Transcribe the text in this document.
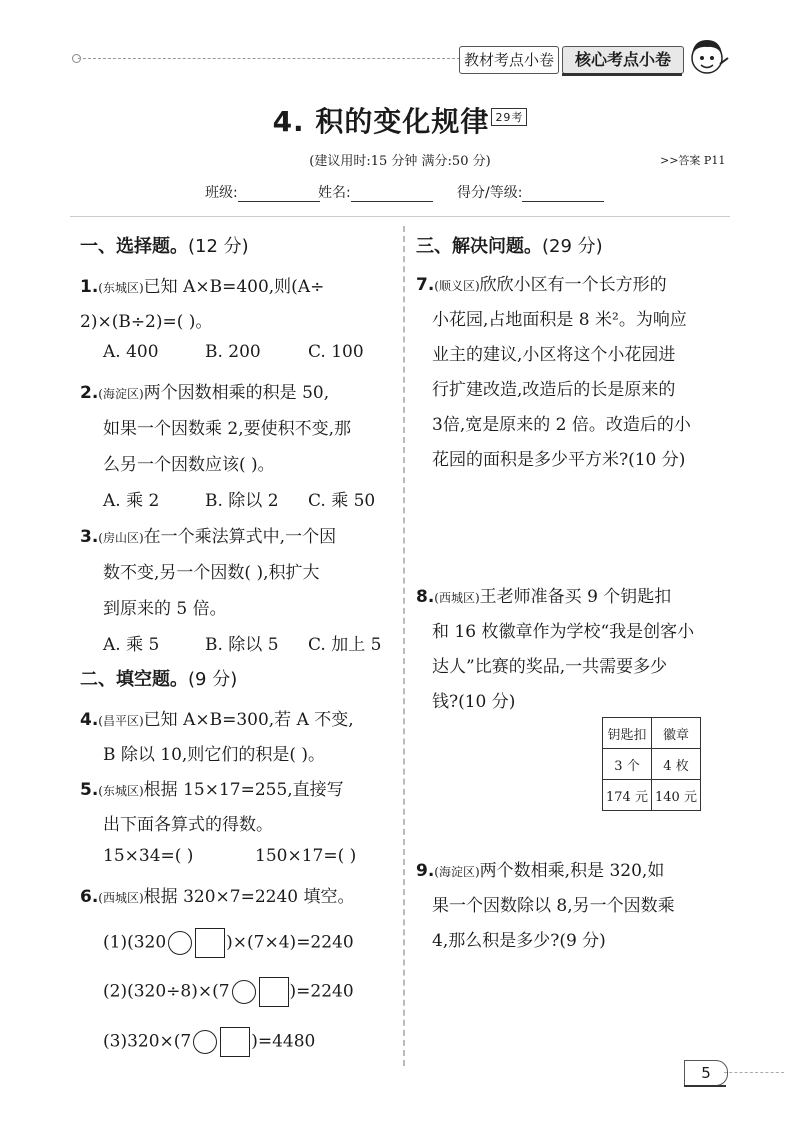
教材考点小卷	核心考点小卷
4. 积的变化规律 29考
(建议用时:15 分钟 满分:50 分)	>>答案 P11
班级:	姓名:	得分/等级:
一、选择题。(12 分)
1.(东城区)已知 A×B=400,则(A÷
2)×(B÷2)=( )。
A. 400	B. 200	C. 100
2.(海淀区)两个因数相乘的积是 50,
如果一个因数乘 2,要使积不变,那
么另一个因数应该( )。
A. 乘 2	B. 除以 2 C. 乘 50
3.(房山区)在一个乘法算式中,一个因
数不变,另一个因数( ),积扩大
到原来的 5 倍。
A. 乘 5	B. 除以 5 C. 加上 5
二、填空题。(9 分)
4.(昌平区)已知 A×B=300,若 A 不变,
B 除以 10,则它们的积是( )。
5.(东城区)根据 15×17=255,直接写
出下面各算式的得数。
15×34=( )	150×17=( )
6.(西城区)根据 320×7=2240 填空。
(1)(320	)×(7×4)=2240
(2)(320÷8)×(7	)=2240
(3)320×(7	)=4480
三、解决问题。(29 分)
7.(顺义区)欣欣小区有一个长方形的
小花园,占地面积是 8 米²。为响应
业主的建议,小区将这个小花园进
行扩建改造,改造后的长是原来的
3倍,宽是原来的 2 倍。改造后的小
花园的面积是多少平方米?(10 分)
8.(西城区)王老师准备买 9 个钥匙扣
和 16 枚徽章作为学校“我是创客小
达人”比赛的奖品,一共需要多少
钱?(10 分)
钥匙扣	徽章
3 个	4 枚
174 元	140 元
9.(海淀区)两个数相乘,积是 320,如
果一个因数除以 8,另一个因数乘
4,那么积是多少?(9 分)
5
